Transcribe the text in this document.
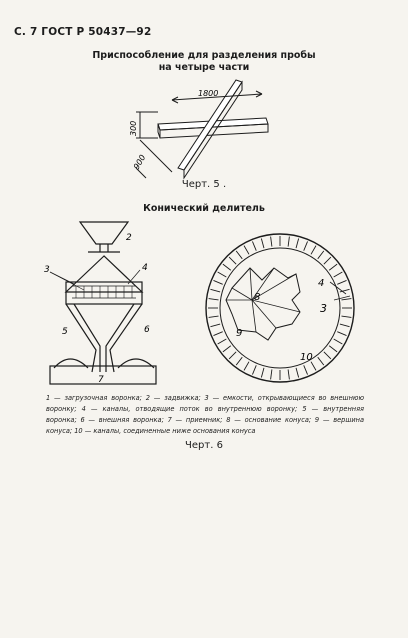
С. 7 ГОСТ Р 50437—92
Приспособление для разделения пробы
на четыре части
1800
300
900
2
3	4
5	6
7
8
4
3
9
10
Черт. 5 .
Конический делитель
1 — загрузочная воронка; 2 — задвижка; 3 — емкости, открывающиеся во внешнюю воронку; 4 — каналы, отводящие поток во внутреннюю воронку; 5 — внутренняя воронка; 6 — внешняя воронка; 7 — приемник; 8 — основание конуса; 9 — вершина конуса; 10 — каналы, соединенные ниже основания конуса
Черт. 6
